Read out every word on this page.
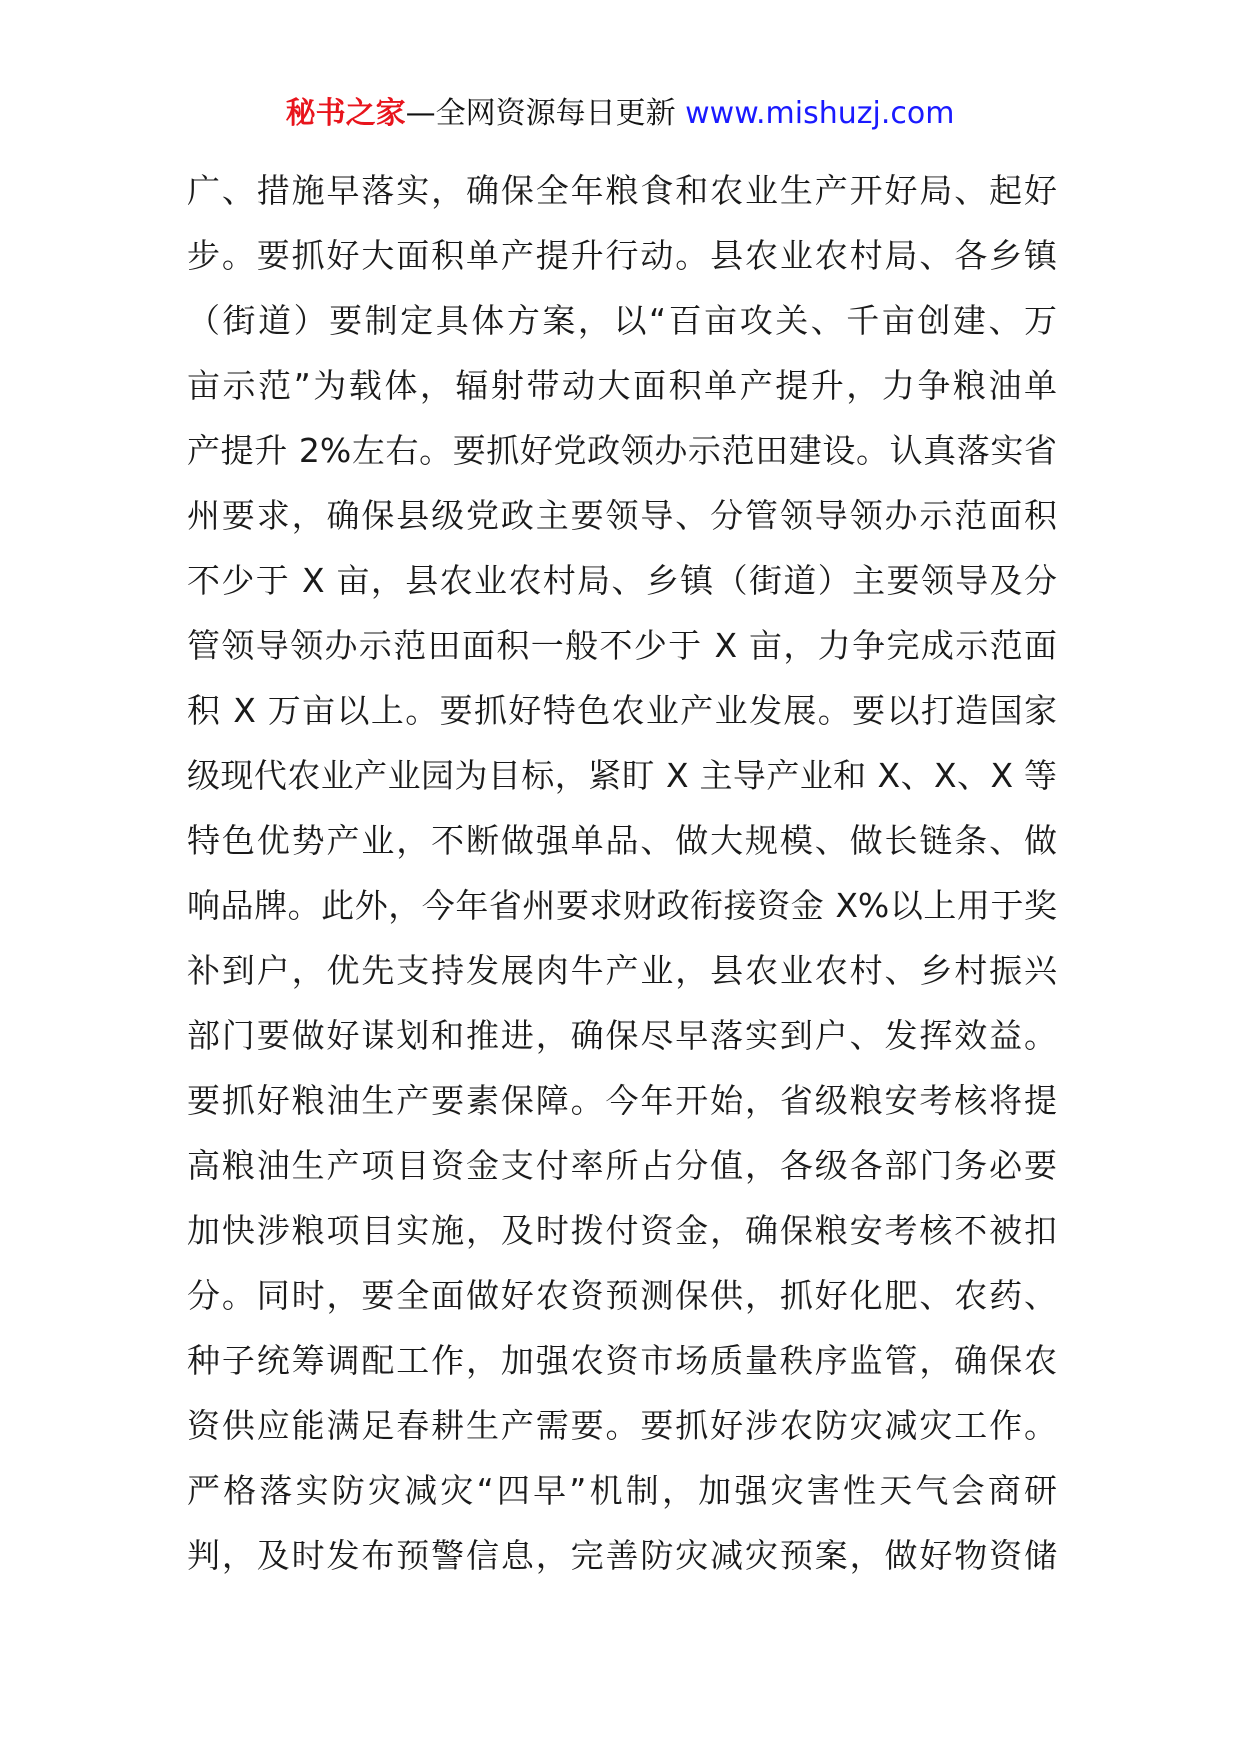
秘书之家—全网资源每日更新 www.mishuzj.com
广、措施早落实，确保全年粮食和农业生产开好局、起好
步。要抓好大面积单产提升行动。县农业农村局、各乡镇
（街道）要制定具体方案，以“百亩攻关、千亩创建、万
亩示范”为载体，辐射带动大面积单产提升，力争粮油单
产提升 2%左右。要抓好党政领办示范田建设。认真落实省
州要求，确保县级党政主要领导、分管领导领办示范面积
不少于 X 亩，县农业农村局、乡镇（街道）主要领导及分
管领导领办示范田面积一般不少于 X 亩，力争完成示范面
积 X 万亩以上。要抓好特色农业产业发展。要以打造国家
级现代农业产业园为目标，紧盯 X 主导产业和 X、X、X 等
特色优势产业，不断做强单品、做大规模、做长链条、做
响品牌。此外，今年省州要求财政衔接资金 X%以上用于奖
补到户，优先支持发展肉牛产业，县农业农村、乡村振兴
部门要做好谋划和推进，确保尽早落实到户、发挥效益。
要抓好粮油生产要素保障。今年开始，省级粮安考核将提
高粮油生产项目资金支付率所占分值，各级各部门务必要
加快涉粮项目实施，及时拨付资金，确保粮安考核不被扣
分。同时，要全面做好农资预测保供，抓好化肥、农药、
种子统筹调配工作，加强农资市场质量秩序监管，确保农
资供应能满足春耕生产需要。要抓好涉农防灾减灾工作。
严格落实防灾减灾“四早”机制，加强灾害性天气会商研
判，及时发布预警信息，完善防灾减灾预案，做好物资储
